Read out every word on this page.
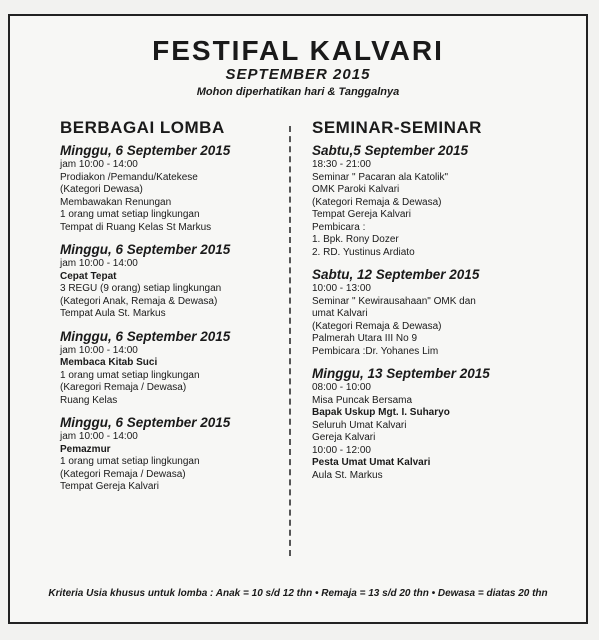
FESTIFAL KALVARI
SEPTEMBER 2015
Mohon diperhatikan hari & Tanggalnya
BERBAGAI LOMBA
Minggu, 6 September 2015
jam 10:00 - 14:00
Prodiakon /Pemandu/Katekese
(Kategori Dewasa)
Membawakan Renungan
1 orang umat setiap lingkungan
Tempat di Ruang Kelas St Markus
Minggu, 6 September 2015
jam 10:00 - 14:00
Cepat Tepat
3 REGU (9 orang) setiap lingkungan
(Kategori Anak, Remaja & Dewasa)
Tempat Aula St. Markus
Minggu, 6 September 2015
jam 10:00 - 14:00
Membaca Kitab Suci
1 orang umat setiap lingkungan
(Karegori Remaja / Dewasa)
Ruang Kelas
Minggu, 6 September 2015
jam 10:00 - 14:00
Pemazmur
1 orang umat setiap lingkungan
(Kategori Remaja / Dewasa)
Tempat Gereja Kalvari
SEMINAR-SEMINAR
Sabtu,5 September 2015
18:30 - 21:00
Seminar " Pacaran ala Katolik"
OMK Paroki Kalvari
(Kategori Remaja & Dewasa)
Tempat Gereja Kalvari
Pembicara :
1. Bpk. Rony Dozer
2. RD. Yustinus Ardiato
Sabtu, 12 September 2015
10:00 - 13:00
Seminar " Kewirausahaan" OMK dan
umat Kalvari
(Kategori Remaja & Dewasa)
Palmerah Utara III No 9
Pembicara :Dr. Yohanes Lim
Minggu, 13 September 2015
08:00 - 10:00
Misa Puncak Bersama
Bapak Uskup Mgt. I. Suharyo
Seluruh Umat Kalvari
Gereja Kalvari
10:00 - 12:00
Pesta Umat Umat Kalvari
Aula St. Markus
Kriteria Usia khusus untuk lomba : Anak = 10 s/d 12 thn • Remaja = 13 s/d 20 thn • Dewasa = diatas 20 thn
